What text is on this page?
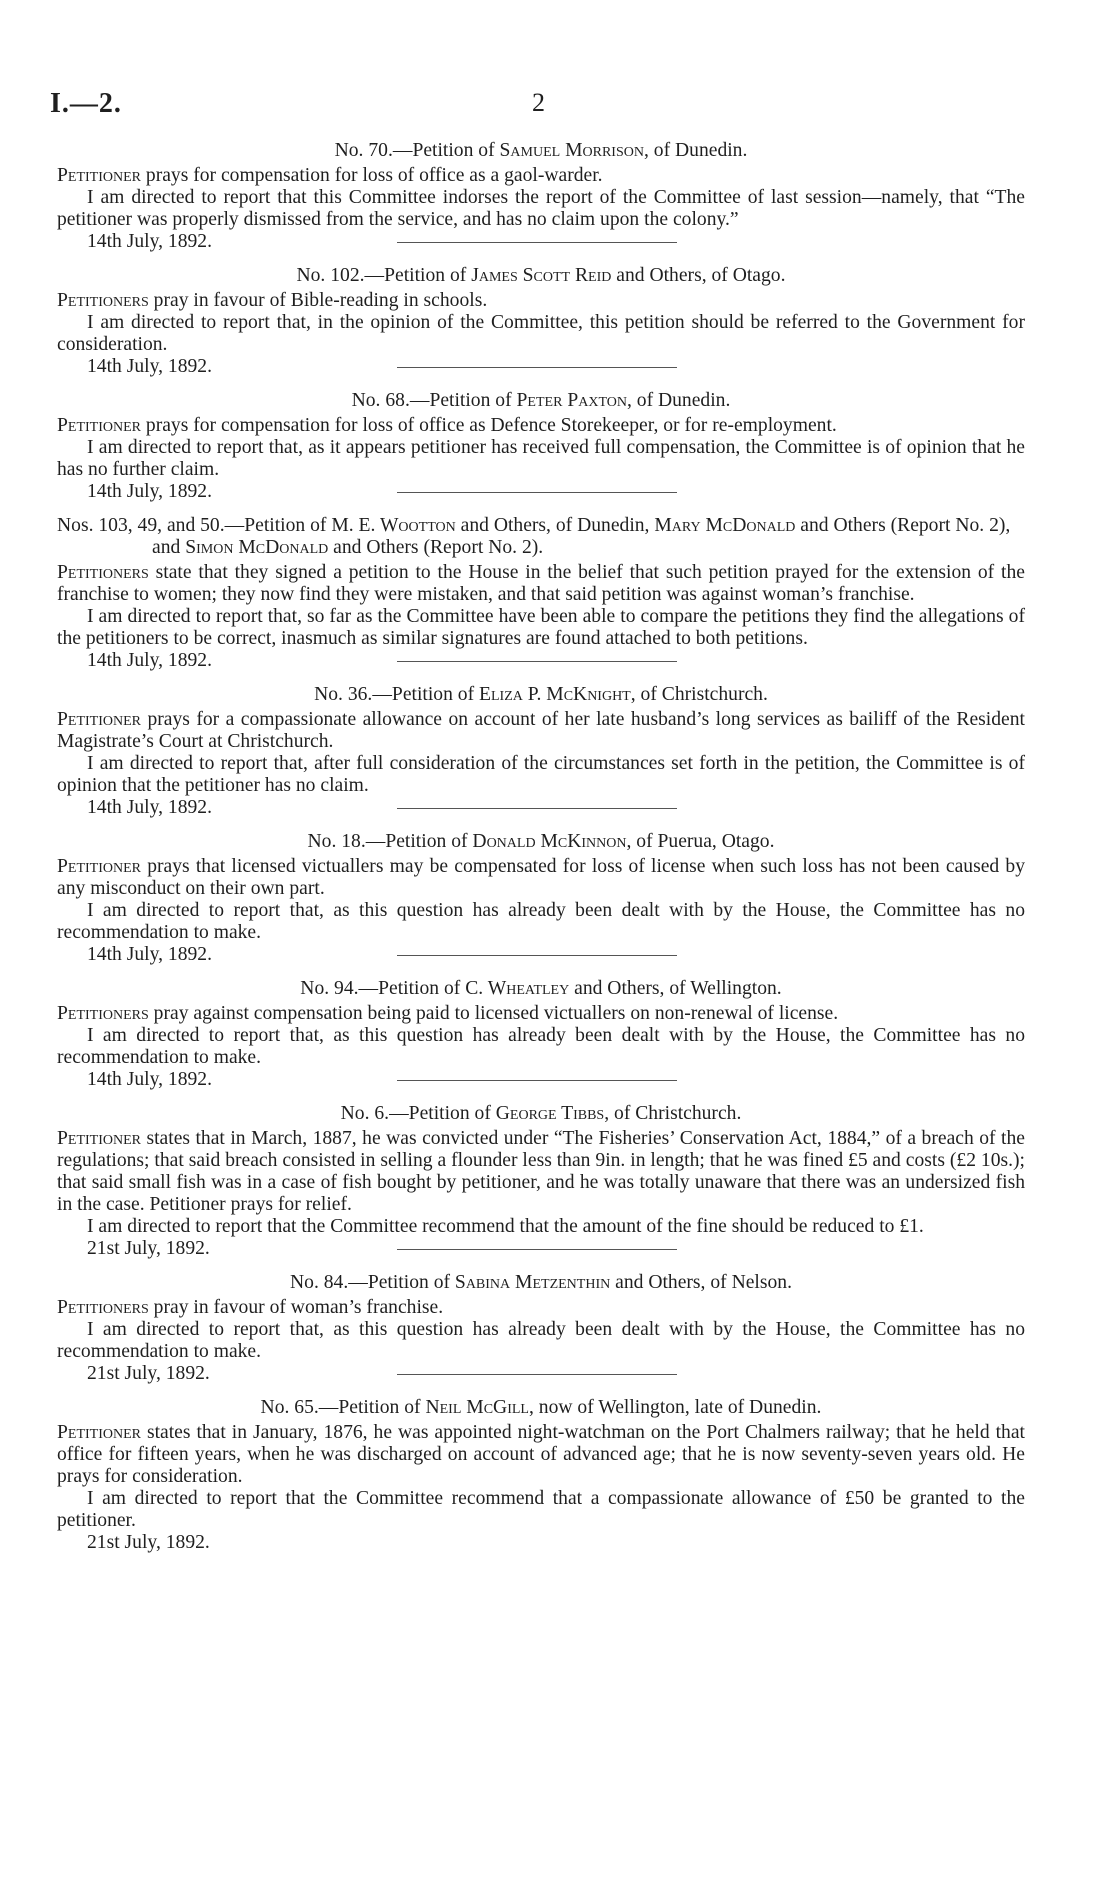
I.—2.	2
No. 70.—Petition of Samuel Morrison, of Dunedin.

Petitioner prays for compensation for loss of office as a gaol-warder.

I am directed to report that this Committee indorses the report of the Committee of last session—namely, that “The petitioner was properly dismissed from the service, and has no claim upon the colony.”

14th July, 1892.

No. 102.—Petition of James Scott Reid and Others, of Otago.

Petitioners pray in favour of Bible-reading in schools.

I am directed to report that, in the opinion of the Committee, this petition should be referred to the Government for consideration.

14th July, 1892.

No. 68.—Petition of Peter Paxton, of Dunedin.

Petitioner prays for compensation for loss of office as Defence Storekeeper, or for re-employment.

I am directed to report that, as it appears petitioner has received full compensation, the Committee is of opinion that he has no further claim.

14th July, 1892.

Nos. 103, 49, and 50.—Petition of M. E. Wootton and Others, of Dunedin, Mary McDonald and Others (Report No. 2), and Simon McDonald and Others (Report No. 2).

Petitioners state that they signed a petition to the House in the belief that such petition prayed for the extension of the franchise to women; they now find they were mistaken, and that said petition was against woman’s franchise.

I am directed to report that, so far as the Committee have been able to compare the petitions they find the allegations of the petitioners to be correct, inasmuch as similar signatures are found attached to both petitions.

14th July, 1892.

No. 36.—Petition of Eliza P. McKnight, of Christchurch.

Petitioner prays for a compassionate allowance on account of her late husband’s long services as bailiff of the Resident Magistrate’s Court at Christchurch.

I am directed to report that, after full consideration of the circumstances set forth in the petition, the Committee is of opinion that the petitioner has no claim.

14th July, 1892.

No. 18.—Petition of Donald McKinnon, of Puerua, Otago.

Petitioner prays that licensed victuallers may be compensated for loss of license when such loss has not been caused by any misconduct on their own part.

I am directed to report that, as this question has already been dealt with by the House, the Committee has no recommendation to make.

14th July, 1892.

No. 94.—Petition of C. Wheatley and Others, of Wellington.

Petitioners pray against compensation being paid to licensed victuallers on non-renewal of license.

I am directed to report that, as this question has already been dealt with by the House, the Committee has no recommendation to make.

14th July, 1892.

No. 6.—Petition of George Tibbs, of Christchurch.

Petitioner states that in March, 1887, he was convicted under “The Fisheries’ Conservation Act, 1884,” of a breach of the regulations; that said breach consisted in selling a flounder less than 9in. in length; that he was fined £5 and costs (£2 10s.); that said small fish was in a case of fish bought by petitioner, and he was totally unaware that there was an undersized fish in the case. Petitioner prays for relief.

I am directed to report that the Committee recommend that the amount of the fine should be reduced to £1.

21st July, 1892.

No. 84.—Petition of Sabina Metzenthin and Others, of Nelson.

Petitioners pray in favour of woman’s franchise.

I am directed to report that, as this question has already been dealt with by the House, the Committee has no recommendation to make.

21st July, 1892.

No. 65.—Petition of Neil McGill, now of Wellington, late of Dunedin.

Petitioner states that in January, 1876, he was appointed night-watchman on the Port Chalmers railway; that he held that office for fifteen years, when he was discharged on account of advanced age; that he is now seventy-seven years old. He prays for consideration.

I am directed to report that the Committee recommend that a compassionate allowance of £50 be granted to the petitioner.

21st July, 1892.
